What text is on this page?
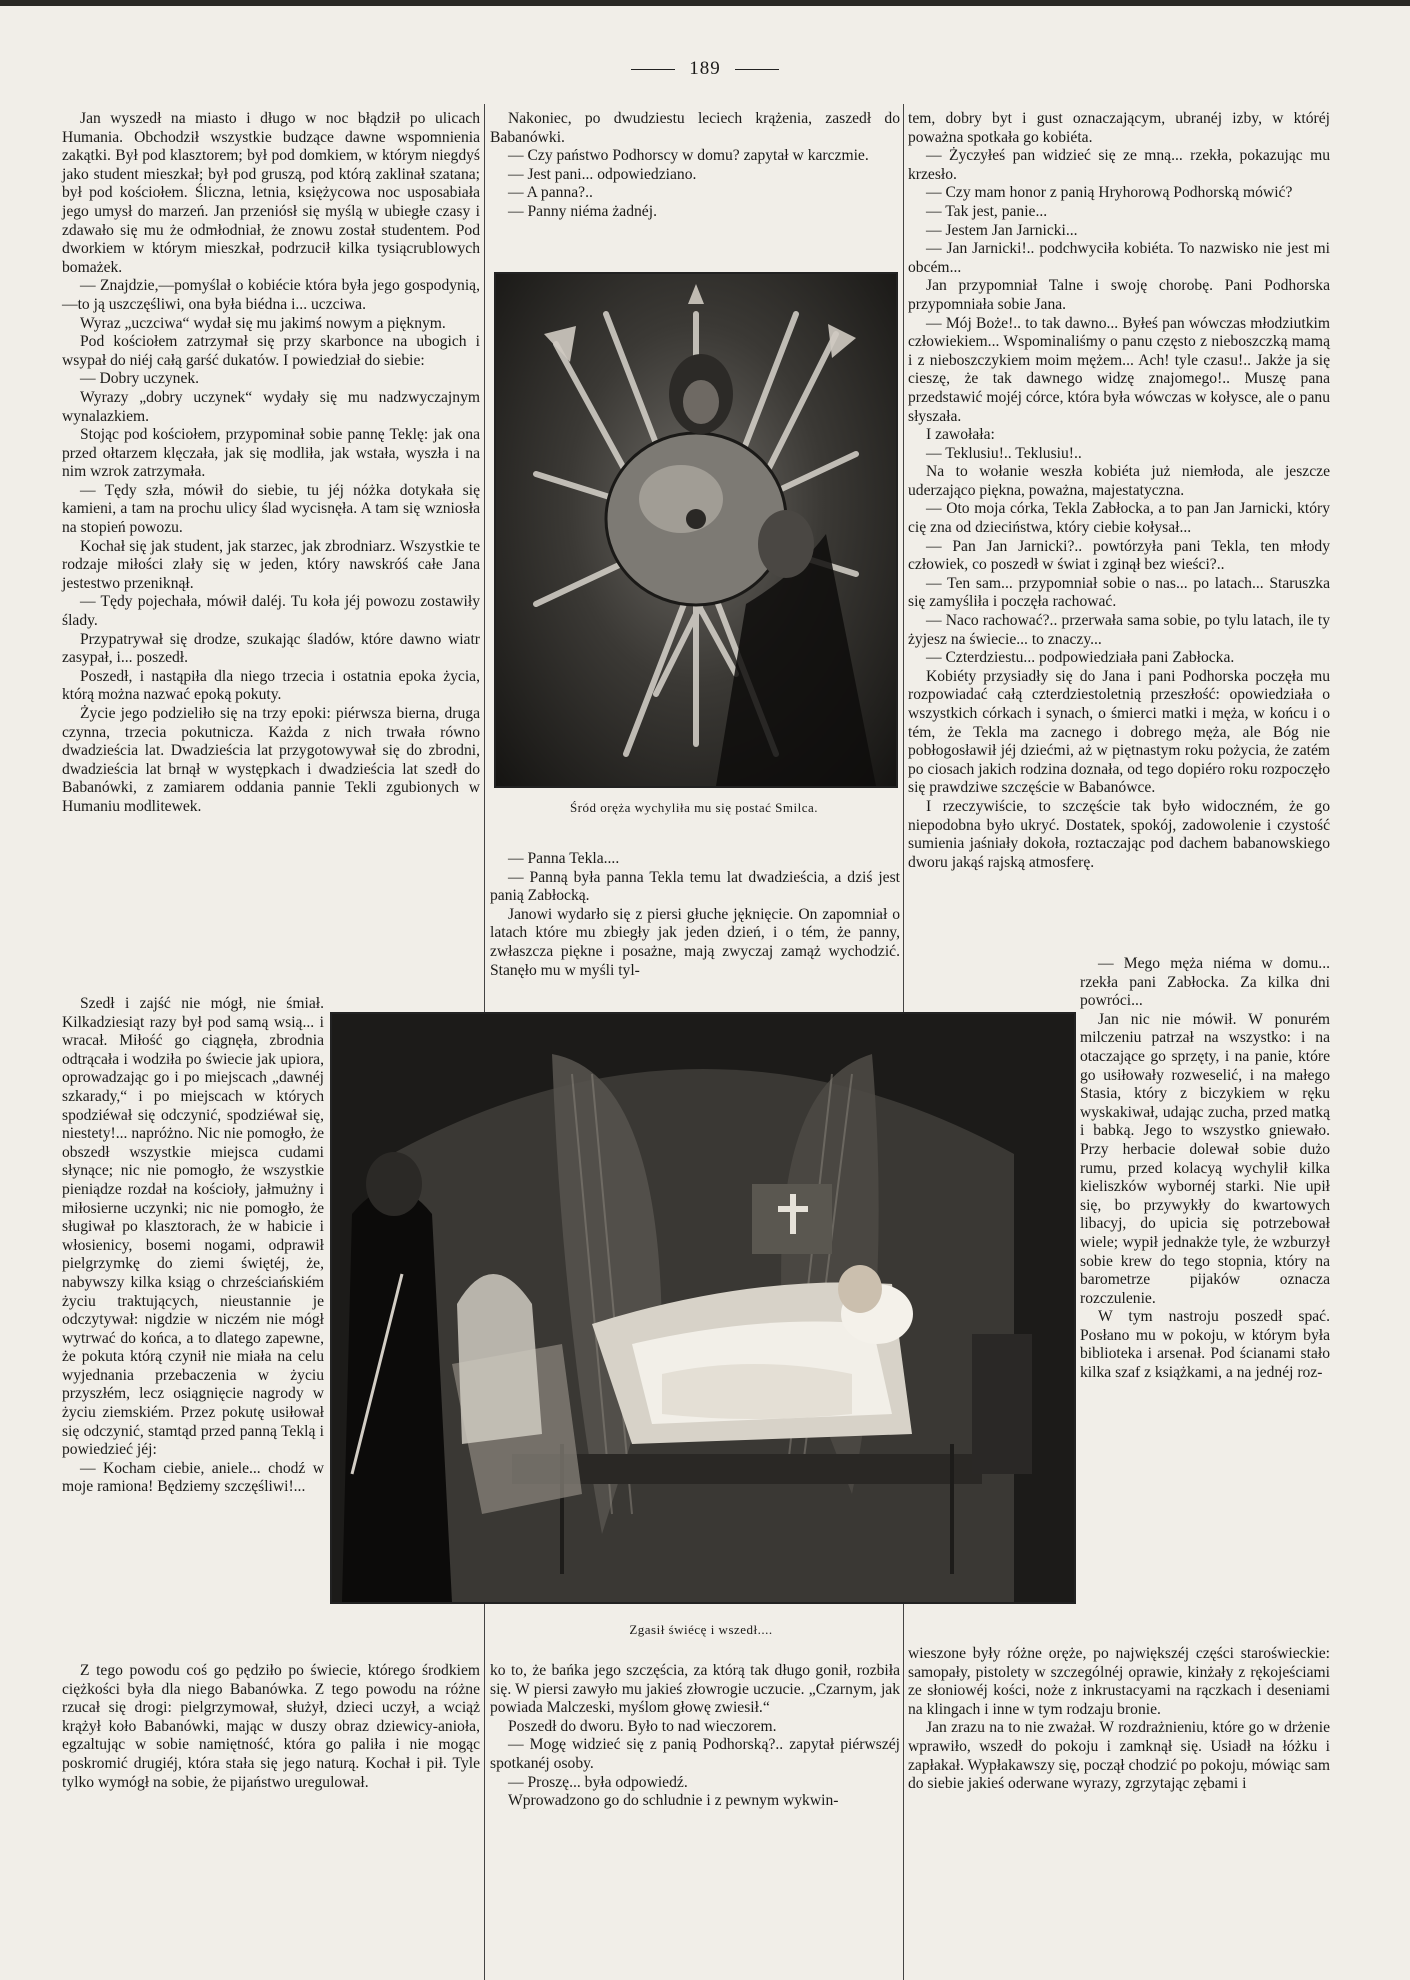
189

Jan wyszedł na miasto i długo w noc błądził po ulicach Humania. Obchodził wszystkie budzące dawne wspomnienia zakątki. Był pod klasztorem; był pod domkiem, w którym niegdyś jako student mieszkał; był pod gruszą, pod którą zaklinał szatana; był pod kościołem. Śliczna, letnia, księżycowa noc usposabiała jego umysł do marzeń. Jan przeniósł się myślą w ubiegłe czasy i zdawało się mu że odmłodniał, że znowu został studentem. Pod dworkiem w którym mieszkał, podrzucił kilka tysiącrublowych bomażek.

— Znajdzie,—pomyślał o kobiécie która była jego gospodynią,—to ją uszczęśliwi, ona była biédna i... uczciwa.

Wyraz „uczciwa“ wydał się mu jakimś nowym a pięknym.

Pod kościołem zatrzymał się przy skarbonce na ubogich i wsypał do niéj całą garść dukatów. I powiedział do siebie:

— Dobry uczynek.

Wyrazy „dobry uczynek“ wydały się mu nadzwyczajnym wynalazkiem.

Stojąc pod kościołem, przypominał sobie pannę Teklę: jak ona przed ołtarzem klęczała, jak się modliła, jak wstała, wyszła i na nim wzrok zatrzymała.

— Tędy szła, mówił do siebie, tu jéj nóżka dotykała się kamieni, a tam na prochu ulicy ślad wycisnęła. A tam się wzniosła na stopień powozu.

Kochał się jak student, jak starzec, jak zbrodniarz. Wszystkie te rodzaje miłości zlały się w jeden, który nawskróś całe Jana jestestwo przeniknął.

— Tędy pojechała, mówił daléj. Tu koła jéj powozu zostawiły ślady.

Przypatrywał się drodze, szukając śladów, które dawno wiatr zasypał, i... poszedł.

Poszedł, i nastąpiła dla niego trzecia i ostatnia epoka życia, którą można nazwać epoką pokuty.

Życie jego podzieliło się na trzy epoki: piérwsza bierna, druga czynna, trzecia pokutnicza. Każda z nich trwała równo dwadzieścia lat. Dwadzieścia lat przygotowywał się do zbrodni, dwadzieścia lat brnął w występkach i dwadzieścia lat szedł do Babanówki, z zamiarem oddania pannie Tekli zgubionych w Humaniu modlitewek.

Szedł i zajść nie mógł, nie śmiał. Kilkadziesiąt razy był pod samą wsią... i wracał. Miłość go ciągnęła, zbrodnia odtrącała i wodziła po świecie jak upiora, oprowadzając go i po miejscach „dawnéj szkarady,“ i po miejscach w których spodziéwał się odczynić, spodziéwał się, niestety!... napróżno. Nic nie pomogło, że obszedł wszystkie miejsca cudami słynące; nic nie pomogło, że wszystkie pieniądze rozdał na kościoły, jałmużny i miłosierne uczynki; nic nie pomogło, że sługiwał po klasztorach, że w habicie i włosienicy, bosemi nogami, odprawił pielgrzymkę do ziemi świętéj, że, nabywszy kilka ksiąg o chrześciańskiém życiu traktujących, nieustannie je odczytywał: nigdzie w niczém nie mógł wytrwać do końca, a to dlatego zapewne, że pokuta którą czynił nie miała na celu wyjednania przebaczenia w życiu przyszłém, lecz osiągnięcie nagrody w życiu ziemskiém. Przez pokutę usiłował się odczynić, stamtąd przed panną Teklą i powiedzieć jéj:

— Kocham ciebie, aniele... chodź w moje ramiona! Będziemy szczęśliwi!...

Z tego powodu coś go pędziło po świecie, którego środkiem ciężkości była dla niego Babanówka. Z tego powodu na różne rzucał się drogi: pielgrzymował, służył, dzieci uczył, a wciąż krążył koło Babanówki, mając w duszy obraz dziewicy-anioła, egzaltując w sobie namiętność, która go paliła i nie mogąc poskromić drugiéj, która stała się jego naturą. Kochał i pił. Tyle tylko wymógł na sobie, że pijaństwo uregulował.

Nakoniec, po dwudziestu leciech krążenia, zaszedł do Babanówki.

— Czy państwo Podhorscy w domu? zapytał w karczmie.

— Jest pani... odpowiedziano.

— A panna?..

— Panny niéma żadnéj.

Śród oręża wychyliła mu się postać Smilca.

— Panna Tekla....

— Panną była panna Tekla temu lat dwadzieścia, a dziś jest panią Zabłocką.

Janowi wydarło się z piersi głuche jęknięcie. On zapomniał o latach które mu zbiegły jak jeden dzień, i o tém, że panny, zwłaszcza piękne i posażne, mają zwyczaj zamąż wychodzić. Stanęło mu w myśli tyl-

Zgasił świécę i wszedł....

ko to, że bańka jego szczęścia, za którą tak długo gonił, rozbiła się. W piersi zawyło mu jakieś złowrogie uczucie. „Czarnym, jak powiada Malczeski, myślom głowę zwiesił.“

Poszedł do dworu. Było to nad wieczorem.

— Mogę widzieć się z panią Podhorską?.. zapytał piérwszéj spotkanéj osoby.

— Proszę... była odpowiedź.

Wprowadzono go do schludnie i z pewnym wykwin-

tem, dobry byt i gust oznaczającym, ubranéj izby, w któréj poważna spotkała go kobiéta.

— Życzyłeś pan widzieć się ze mną... rzekła, pokazując mu krzesło.

— Czy mam honor z panią Hryhorową Podhorską mówić?

— Tak jest, panie...

— Jestem Jan Jarnicki...

— Jan Jarnicki!.. podchwyciła kobiéta. To nazwisko nie jest mi obcém...

Jan przypomniał Talne i swoję chorobę. Pani Podhorska przypomniała sobie Jana.

— Mój Boże!.. to tak dawno... Byłeś pan wówczas młodziutkim człowiekiem... Wspominaliśmy o panu często z nieboszczką mamą i z nieboszczykiem moim mężem... Ach! tyle czasu!.. Jakże ja się cieszę, że tak dawnego widzę znajomego!.. Muszę pana przedstawić mojéj córce, która była wówczas w kołysce, ale o panu słyszała.

I zawołała:

— Teklusiu!.. Teklusiu!..

Na to wołanie weszła kobiéta już niemłoda, ale jeszcze uderzająco piękna, poważna, majestatyczna.

— Oto moja córka, Tekla Zabłocka, a to pan Jan Jarnicki, który cię zna od dzieciństwa, który ciebie kołysał...

— Pan Jan Jarnicki?.. powtórzyła pani Tekla, ten młody człowiek, co poszedł w świat i zginął bez wieści?..

— Ten sam... przypomniał sobie o nas... po latach... Staruszka się zamyśliła i poczęła rachować.

— Naco rachować?.. przerwała sama sobie, po tylu latach, ile ty żyjesz na świecie... to znaczy...

— Czterdziestu... podpowiedziała pani Zabłocka.

Kobiéty przysiadły się do Jana i pani Podhorska poczęła mu rozpowiadać całą czterdziestoletnią przeszłość: opowiedziała o wszystkich córkach i synach, o śmierci matki i męża, w końcu i o tém, że Tekla ma zacnego i dobrego męża, ale Bóg nie pobłogosławił jéj dziećmi, aż w piętnastym roku pożycia, że zatém po ciosach jakich rodzina doznała, od tego dopiéro roku rozpoczęło się prawdziwe szczęście w Babanówce.

I rzeczywiście, to szczęście tak było widoczném, że go niepodobna było ukryć. Dostatek, spokój, zadowolenie i czystość sumienia jaśniały dokoła, roztaczając pod dachem babanowskiego dworu jakąś rajską atmosferę.

— Mego męża niéma w domu... rzekła pani Zabłocka. Za kilka dni powróci...

Jan nic nie mówił. W ponurém milczeniu patrzał na wszystko: i na otaczające go sprzęty, i na panie, które go usiłowały rozweselić, i na małego Stasia, który z biczykiem w ręku wyskakiwał, udając zucha, przed matką i babką. Jego to wszystko gniewało. Przy herbacie dolewał sobie dużo rumu, przed kolacyą wychylił kilka kieliszków wybornéj starki. Nie upił się, bo przywykły do kwartowych libacyj, do upicia się potrzebował wiele; wypił jednakże tyle, że wzburzył sobie krew do tego stopnia, który na barometrze pijaków oznacza rozczulenie.

W tym nastroju poszedł spać. Posłano mu w pokoju, w którym była biblioteka i arsenał. Pod ścianami stało kilka szaf z książkami, a na jednéj roz-

wieszone były różne oręże, po największéj części staroświeckie: samopały, pistolety w szczególnéj oprawie, kinżały z rękojeściami ze słoniowéj kości, noże z inkrustacyami na rączkach i deseniami na klingach i inne w tym rodzaju bronie.

Jan zrazu na to nie zważał. W rozdrażnieniu, które go w drżenie wprawiło, wszedł do pokoju i zamknął się. Usiadł na łóżku i zapłakał. Wypłakawszy się, począł chodzić po pokoju, mówiąc sam do siebie jakieś oderwane wyrazy, zgrzytając zębami i
